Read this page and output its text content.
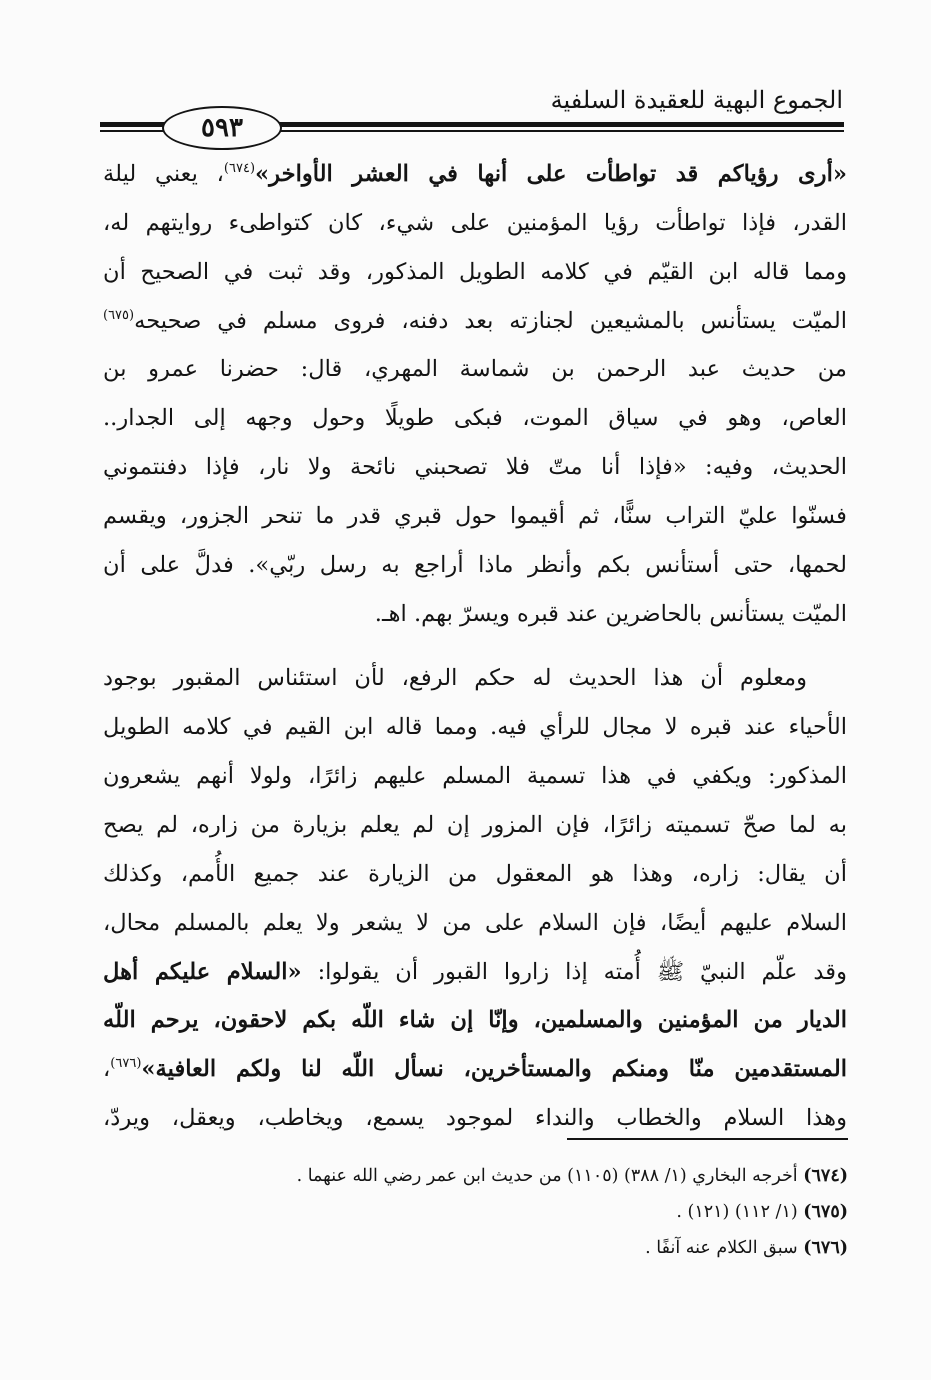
الجموع البهية للعقيدة السلفية
٥٩٣
«أرى رؤياكم قد تواطأت على أنها في العشر الأواخر»$^{(٦٧٤)}$، يعني ليلة
القدر، فإذا تواطأت رؤيا المؤمنين على شيء، كان كتواطىء روايتهم له،
ومما قاله ابن القيّم في كلامه الطويل المذكور، وقد ثبت في الصحيح أن
الميّت يستأنس بالمشيعين لجنازته بعد دفنه، فروى مسلم في صحيحه$^{(٦٧٥)}$
من حديث عبد الرحمن بن شماسة المهري، قال: حضرنا عمرو بن
العاص، وهو في سياق الموت، فبكى طويلًا وحول وجهه إلى الجدار..
الحديث، وفيه: «فإذا أنا متّ فلا تصحبني نائحة ولا نار، فإذا دفنتموني
فسنّوا عليّ التراب سنًّا، ثم أقيموا حول قبري قدر ما تنحر الجزور، ويقسم
لحمها، حتى أستأنس بكم وأنظر ماذا أراجع به رسل ربّي». فدلَّ على أن
الميّت يستأنس بالحاضرين عند قبره ويسرّ بهم. اهـ.
ومعلوم أن هذا الحديث له حكم الرفع، لأن استئناس المقبور بوجود
الأحياء عند قبره لا مجال للرأي فيه. ومما قاله ابن القيم في كلامه الطويل
المذكور: ويكفي في هذا تسمية المسلم عليهم زائرًا، ولولا أنهم يشعرون
به لما صحّ تسميته زائرًا، فإن المزور إن لم يعلم بزيارة من زاره، لم يصح
أن يقال: زاره، وهذا هو المعقول من الزيارة عند جميع الأُمم، وكذلك
السلام عليهم أيضًا، فإن السلام على من لا يشعر ولا يعلم بالمسلم محال،
وقد علّم النبيّ ﷺ أُمته إذا زاروا القبور أن يقولوا: «السلام عليكم أهل
الديار من المؤمنين والمسلمين، وإنّا إن شاء اللّه بكم لاحقون، يرحم اللّه
المستقدمين منّا ومنكم والمستأخرين، نسأل اللّه لنا ولكم العافية»$^{(٦٧٦)}$،
وهذا السلام والخطاب والنداء لموجود يسمع، ويخاطب، ويعقل، ويردّ،
(٦٧٤) أخرجه البخاري (١/ ٣٨٨) (١١٠٥) من حديث ابن عمر رضي الله عنهما .
(٦٧٥) (١/ ١١٢) (١٢١) .
(٦٧٦) سبق الكلام عنه آنفًا .
